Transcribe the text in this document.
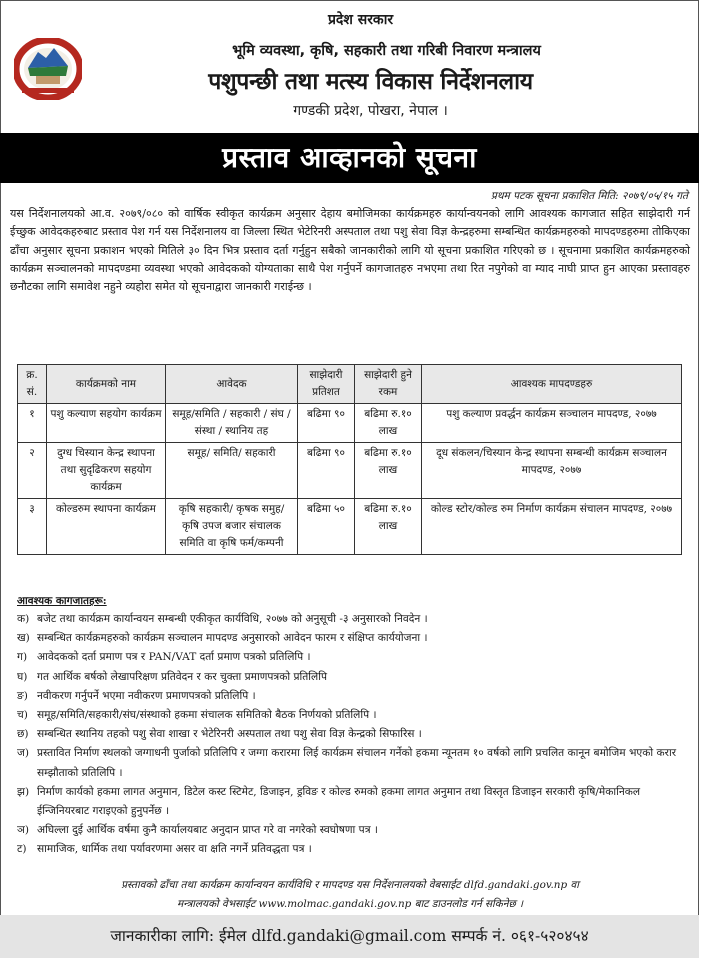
प्रदेश सरकार
भूमि व्यवस्था, कृषि, सहकारी तथा गरिबी निवारण मन्त्रालय
पशुपन्छी तथा मत्स्य विकास निर्देशनलाय
गण्डकी प्रदेश, पोखरा, नेपाल ।
प्रस्ताव आव्हानको सूचना
प्रथम पटक सूचना प्रकाशित मिति: २०७९/०५/१५ गते

यस निर्देशनालयको आ.व. २०७९/०८० को वार्षिक स्वीकृत कार्यक्रम अनुसार देहाय बमोजिमका कार्यक्रमहरु कार्यान्वयनको लागि आवश्यक कागजात सहित साझेदारी गर्न ईच्छुक आवेदकहरुबाट प्रस्ताव पेश गर्न यस निर्देशनालय वा जिल्ला स्थित भेटेरिनरी अस्पताल तथा पशु सेवा विज्ञ केन्द्रहरुमा सम्बन्धित कार्यक्रमहरुको मापदण्डहरुमा तोकिएका ढाँचा अनुसार सूचना प्रकाशन भएको मितिले ३० दिन भित्र प्रस्ताव दर्ता गर्नुहुन सबैको जानकारीको लागि यो सूचना प्रकाशित गरिएको छ । सूचनामा प्रकाशित कार्यक्रमहरुको कार्यक्रम सञ्चालनको मापदण्डमा व्यवस्था भएको आवेदकको योग्यताका साथै पेश गर्नुपर्ने कागजातहरु नभएमा तथा रित नपुगेको वा म्याद नाघी प्राप्त हुन आएका प्रस्तावहरु छनौटका लागि समावेश नहुने व्यहोरा समेत यो सूचनाद्वारा जानकारी गराईन्छ ।

क्र. सं.	कार्यक्रमको नाम	आवेदक	साझेदारी प्रतिशत	साझेदारी हुने रकम	आवश्यक मापदण्डहरु
१	पशु कल्याण सहयोग कार्यक्रम	समूह/समिति / सहकारी / संघ /संस्था / स्थानिय तह	बढिमा ९०	बढिमा रु.१० लाख	पशु कल्याण प्रवर्द्धन कार्यक्रम सञ्चालन मापदण्ड, २०७७
२	दुग्ध चिस्यान केन्द्र स्थापना तथा सुदृढिकरण सहयोग कार्यक्रम	समूह/ समिति/ सहकारी	बढिमा ९०	बढिमा रु.१० लाख	दूध संकलन/चिस्यान केन्द्र स्थापना सम्बन्धी कार्यक्रम सञ्चालन मापदण्ड, २०७७
३	कोल्डरुम स्थापना कार्यक्रम	कृषि सहकारी/ कृषक समुह/ कृषि उपज बजार संचालक समिति वा कृषि फर्म/कम्पनी	बढिमा ५०	बढिमा रु.१० लाख	कोल्ड स्टोर/कोल्ड रुम निर्माण कार्यक्रम संचालन मापदण्ड, २०७७
आवश्यक कागजातहरू:
क) बजेट तथा कार्यक्रम कार्यान्वयन सम्बन्धी एकीकृत कार्यविधि, २०७७ को अनुसूची -३ अनुसारको निवदेन ।
ख) सम्बन्धित कार्यक्रमहरुको कार्यक्रम सञ्चालन मापदण्ड अनुसारको आवेदन फारम र संक्षिप्त कार्ययोजना ।
ग) आवेदकको दर्ता प्रमाण पत्र र PAN/VAT दर्ता प्रमाण पत्रको प्रतिलिपि ।
घ) गत आर्थिक बर्षको लेखापरिक्षण प्रतिवेदन र कर चुक्ता प्रमाणपत्रको प्रतिलिपि
ङ) नवीकरण गर्नुपर्ने भएमा नवीकरण प्रमाणपत्रको प्रतिलिपि ।
च) समूह/समिति/सहकारी/संघ/संस्थाको हकमा संचालक समितिको बैठक निर्णयको प्रतिलिपि ।
छ) सम्बन्धित स्थानिय तहको पशु सेवा शाखा र भेटेरिनरी अस्पताल तथा पशु सेवा विज्ञ केन्द्रको सिफारिस ।
ज) प्रस्तावित निर्माण स्थलको जग्गाधनी पुर्जाको प्रतिलिपि र जग्गा करारमा लिई कार्यक्रम संचालन गर्नेको हकमा न्यूनतम १० वर्षको लागि प्रचलित कानून बमोजिम भएको करार सम्झौताको प्रतिलिपि ।
झ) निर्माण कार्यको हकमा लागत अनुमान, डिटेल कस्ट स्टिमेट, डिजाइन, ड्रविङ र कोल्ड रुमको हकमा लागत अनुमान तथा विस्तृत डिजाइन सरकारी कृषि/मेकानिकल ईन्जिनियरबाट गराइएको हुनुपर्नेछ ।
ञ) अघिल्ला दुई आर्थिक वर्षमा कुनै कार्यालयबाट अनुदान प्राप्त गरे वा नगरेको स्वघोषणा पत्र ।
ट) सामाजिक, धार्मिक तथा पर्यावरणमा असर वा क्षति नगर्ने प्रतिवद्धता पत्र ।
प्रस्तावको ढाँचा तथा कार्यक्रम कार्यान्वयन कार्यविधि र मापदण्ड यस निर्देशनालयको वेबसाईट dlfd.gandaki.gov.np वा
मन्त्रालयको वेभसाईट www.molmac.gandaki.gov.np बाट डाउनलोड गर्न सकिनेछ ।
जानकारीका लागि: ईमेल dlfd.gandaki@gmail.com सम्पर्क नं. ०६१-५२०४५४
